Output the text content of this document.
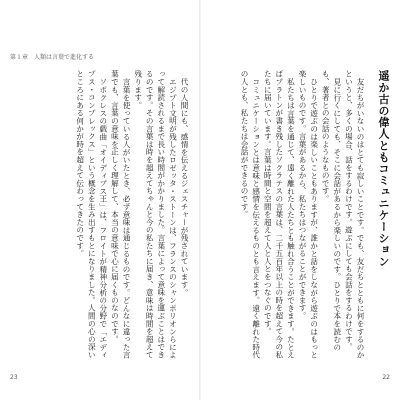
第１章　人類は言葉で進化する

代の人間にも、感情を伝えるジェスチャーが残されています。

エジプト文明が残したロゼッタ・ストーンは、フランスのシャンポリオンらによって解読されるまで長い時間がかかりました。言葉によって意味を運ぶことはできるのです。その言葉は時を超えてちゃんと今の私たちに届き、意味は時間を超えて残ります。

言葉を使っている人がいたとき、必ず意味は通じるものです。どんなに違った言葉でも、言葉の意味を正しく理解して、本当の意味で心に届くものなのです。

ソポクレスの戯曲「オイディプス王」は、フロイトが精神分析の分野で「エディプス・コンプレックス」という概念を生み出すもとになりました。人間の心の深いところにある何かが時を超えて伝わってきたのです。

23
遥か古の偉人ともコミュニケーション

友だちがいないのはとても寂しいことです。でも、友だちとともに何をするのかというと、多くの場合、話をするわけです。遊ぶにしても会話をするわけです。

見に行くにしても、そこに会話があるから楽しいのです。ひとりで本を読むのも、著者との会話のようなものです。

ひとりで遊ぶのは楽しいこともありますが、誰かと話をしながら遊ぶのはもっと楽しいものです。言葉があるから、私たちはつながることができます。

私たちは言葉を通じて、遠く離れた人たちとも触れ合うことができます。たとえばプラトンが書き残したソクラテスの言葉は、二千五百年以上の時を超えて今の私たちに届いています。言葉は時間と空間を超えて人と人とをつなぐのです。

コミュニケーションとは意味と感情を伝えるものとも言えます。遠く離れた時代の人とも、私たちは会話ができるのです。

22
